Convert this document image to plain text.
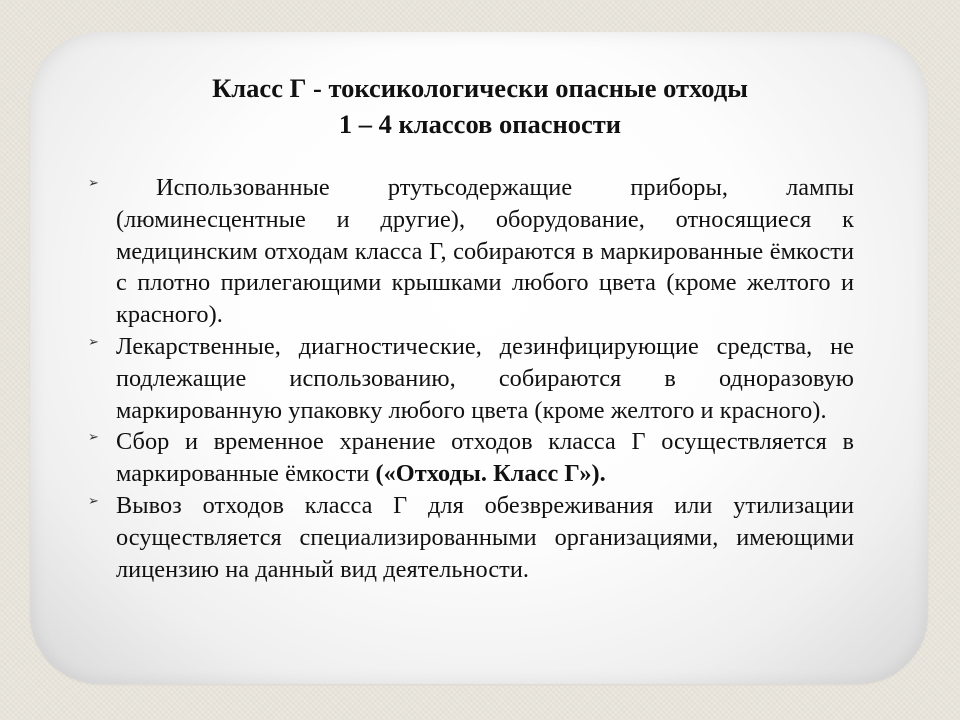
Класс Г - токсикологически опасные отходы
1 – 4 классов опасности
➢ Использованные ртутьсодержащие приборы, лампы (люминесцентные и другие), оборудование, относящиеся к медицинским отходам класса Г, собираются в маркированные ёмкости с плотно прилегающими крышками любого цвета (кроме желтого и красного).
➢ Лекарственные, диагностические, дезинфицирующие средства, не подлежащие использованию, собираются в одноразовую маркированную упаковку любого цвета (кроме желтого и красного).
➢ Сбор и временное хранение отходов класса Г осуществляется в маркированные ёмкости («Отходы. Класс Г»).
➢ Вывоз отходов класса Г для обезвреживания или утилизации осуществляется специализированными организациями, имеющими лицензию на данный вид деятельности.
